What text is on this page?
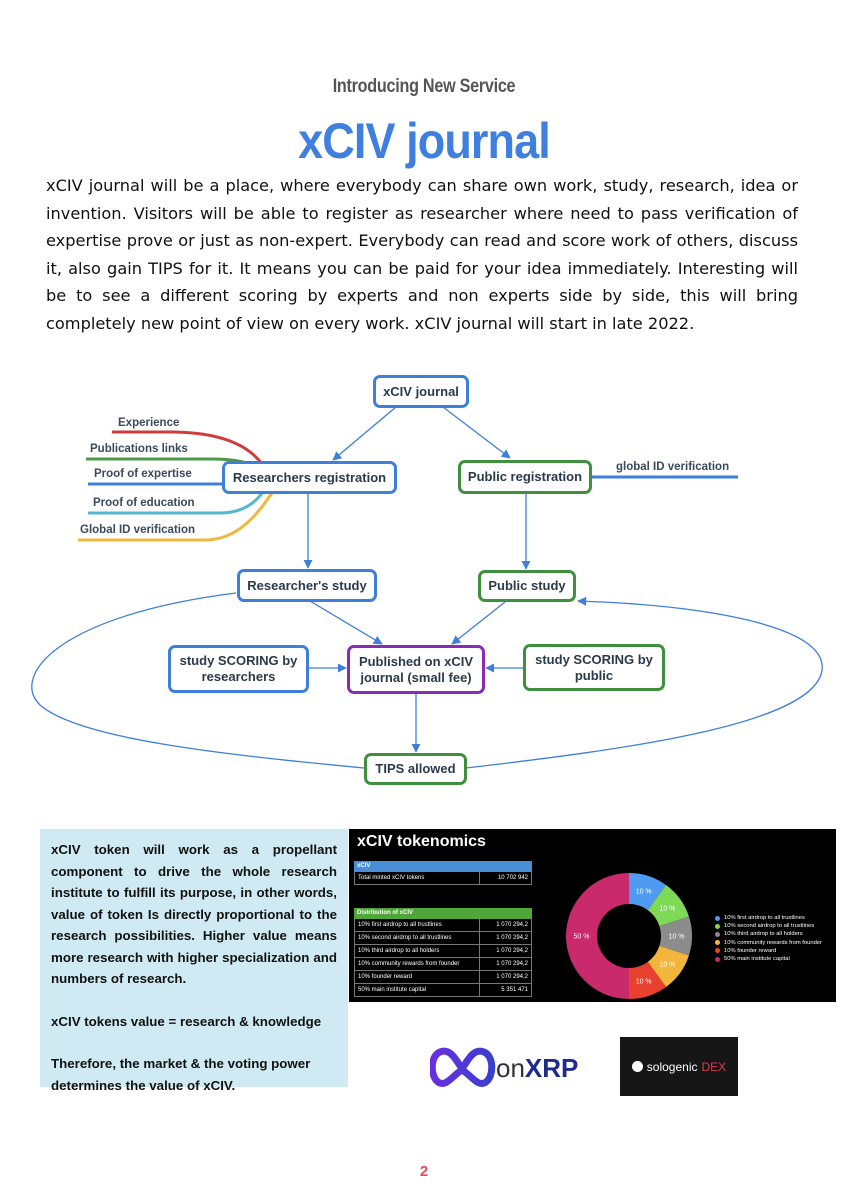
Introducing New Service
xCIV journal
xCIV journal will be a place, where everybody can share own work, study, research, idea or invention. Visitors will be able to register as researcher where need to pass verification of expertise prove or just as non-expert. Everybody can read and score work of others, discuss it, also gain TIPS for it. It means you can be paid for your idea immediately. Interesting will be to see a different scoring by experts and non experts side by side, this will bring completely new point of view on every work. xCIV journal will start in late 2022.
Experience
Publications links
Proof of expertise
Proof of education
Global ID verification
global ID verification
xCIV journal
Researchers registration	Public registration
Researcher's study	Public study
study SCORING by researchers
Published on xCIV journal (small fee)
study SCORING by public
TIPS allowed

xCIV token will work as a propellant component to drive the whole research institute to fulfill its purpose, in other words, value of token Is directly proportional to the research possibilities. Higher value means more research with higher specialization and numbers of research.

xCIV tokens value = research & knowledge

Therefore, the market & the voting power determines the value of xCIV.

xCIV tokenomics
xCIV
Total minted xCIV tokens	10 702 942
Distribution of xCIV
10% first airdrop to all trustlines	1 070 294,2
10% second airdrop to all trustlines	1 070 294,2
10% third airdrop to all holders	1 070 294,2
10% community rewards from founder	1 070 294,2
10% founder reward	1 070 294,2
50% main institute capital	5 351 471
10 %
10 %
10 %
10 %
10 %
50 %
10% first airdrop to all trustlines
10% second airdrop to all trustlines
10% third airdrop to all holders
10% community rewards from founder
10% founder reward
50% main institute capital
onXRP	sologenic DEX
2
